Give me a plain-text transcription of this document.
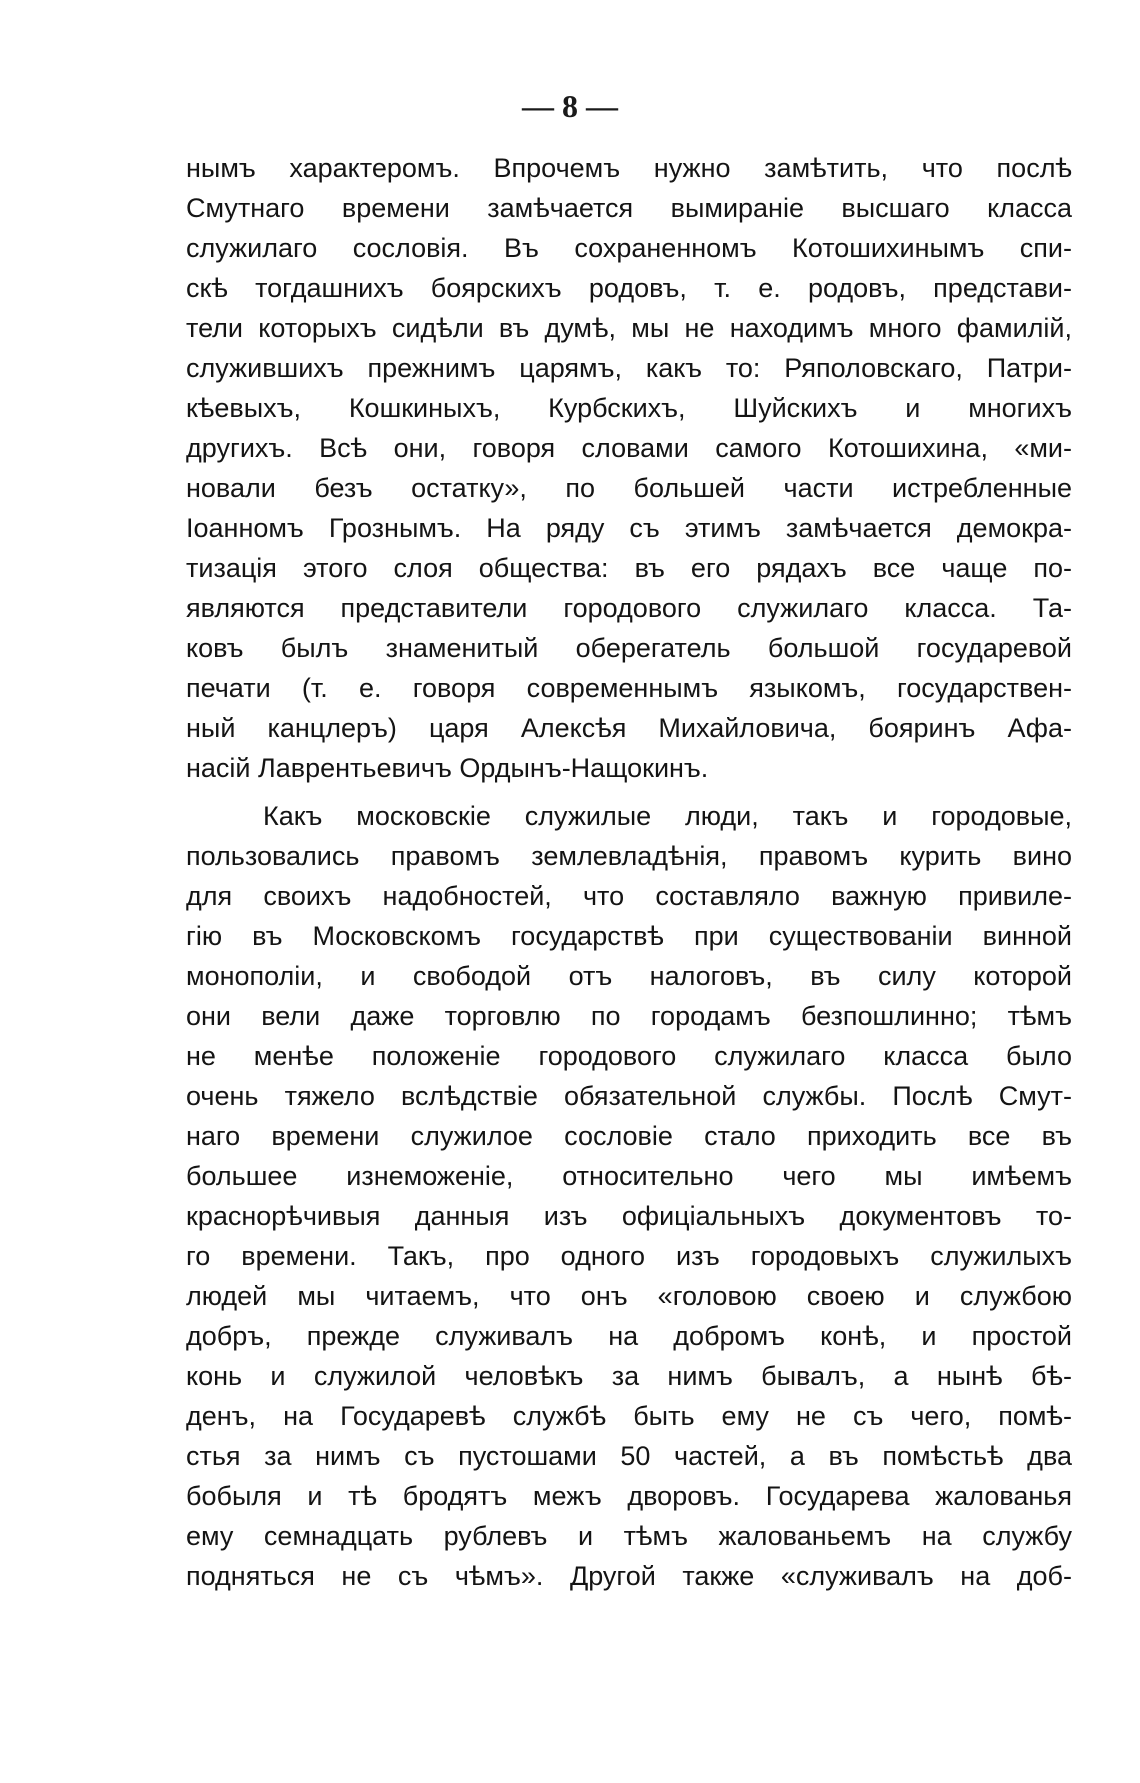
— 8 —
нымъ характеромъ. Впрочемъ нужно замѣтить, что послѣ
Смутнаго времени замѣчается вымираніе высшаго класса
служилаго сословія. Въ сохраненномъ Котошихинымъ спи-
скѣ тогдашнихъ боярскихъ родовъ, т. е. родовъ, представи-
тели которыхъ сидѣли въ думѣ, мы не находимъ много фамилій,
служившихъ прежнимъ царямъ, какъ то: Ряполовскаго, Патри-
кѣевыхъ, Кошкиныхъ, Курбскихъ, Шуйскихъ и многихъ
другихъ. Всѣ они, говоря словами самого Котошихина, «ми-
новали безъ остатку», по большей части истребленные
Іоанномъ Грознымъ. На ряду съ этимъ замѣчается демокра-
тизація этого слоя общества: въ его рядахъ все чаще по-
являются представители городового служилаго класса. Та-
ковъ былъ знаменитый оберегатель большой государевой
печати (т. е. говоря современнымъ языкомъ, государствен-
ный канцлеръ) царя Алексѣя Михайловича, бояринъ Афа-
насій Лаврентьевичъ Ордынъ-Нащокинъ.
Какъ московскіе служилые люди, такъ и городовые,
пользовались правомъ землевладѣнія, правомъ курить вино
для своихъ надобностей, что составляло важную привиле-
гію въ Московскомъ государствѣ при существованіи винной
монополіи, и свободой отъ налоговъ, въ силу которой
они вели даже торговлю по городамъ безпошлинно; тѣмъ
не менѣе положеніе городового служилаго класса было
очень тяжело вслѣдствіе обязательной службы. Послѣ Смут-
наго времени служилое сословіе стало приходить все въ
большее изнеможеніе, относительно чего мы имѣемъ
краснорѣчивыя данныя изъ офиціальныхъ документовъ то-
го времени. Такъ, про одного изъ городовыхъ служилыхъ
людей мы читаемъ, что онъ «головою своею и службою
добръ, прежде служивалъ на добромъ конѣ, и простой
конь и служилой человѣкъ за нимъ бывалъ, а нынѣ бѣ-
денъ, на Государевѣ службѣ быть ему не съ чего, помѣ-
стья за нимъ съ пустошами 50 частей, а въ помѣстьѣ два
бобыля и тѣ бродятъ межъ дворовъ. Государева жалованья
ему семнадцать рублевъ и тѣмъ жалованьемъ на службу
подняться не съ чѣмъ». Другой также «служивалъ на доб-
